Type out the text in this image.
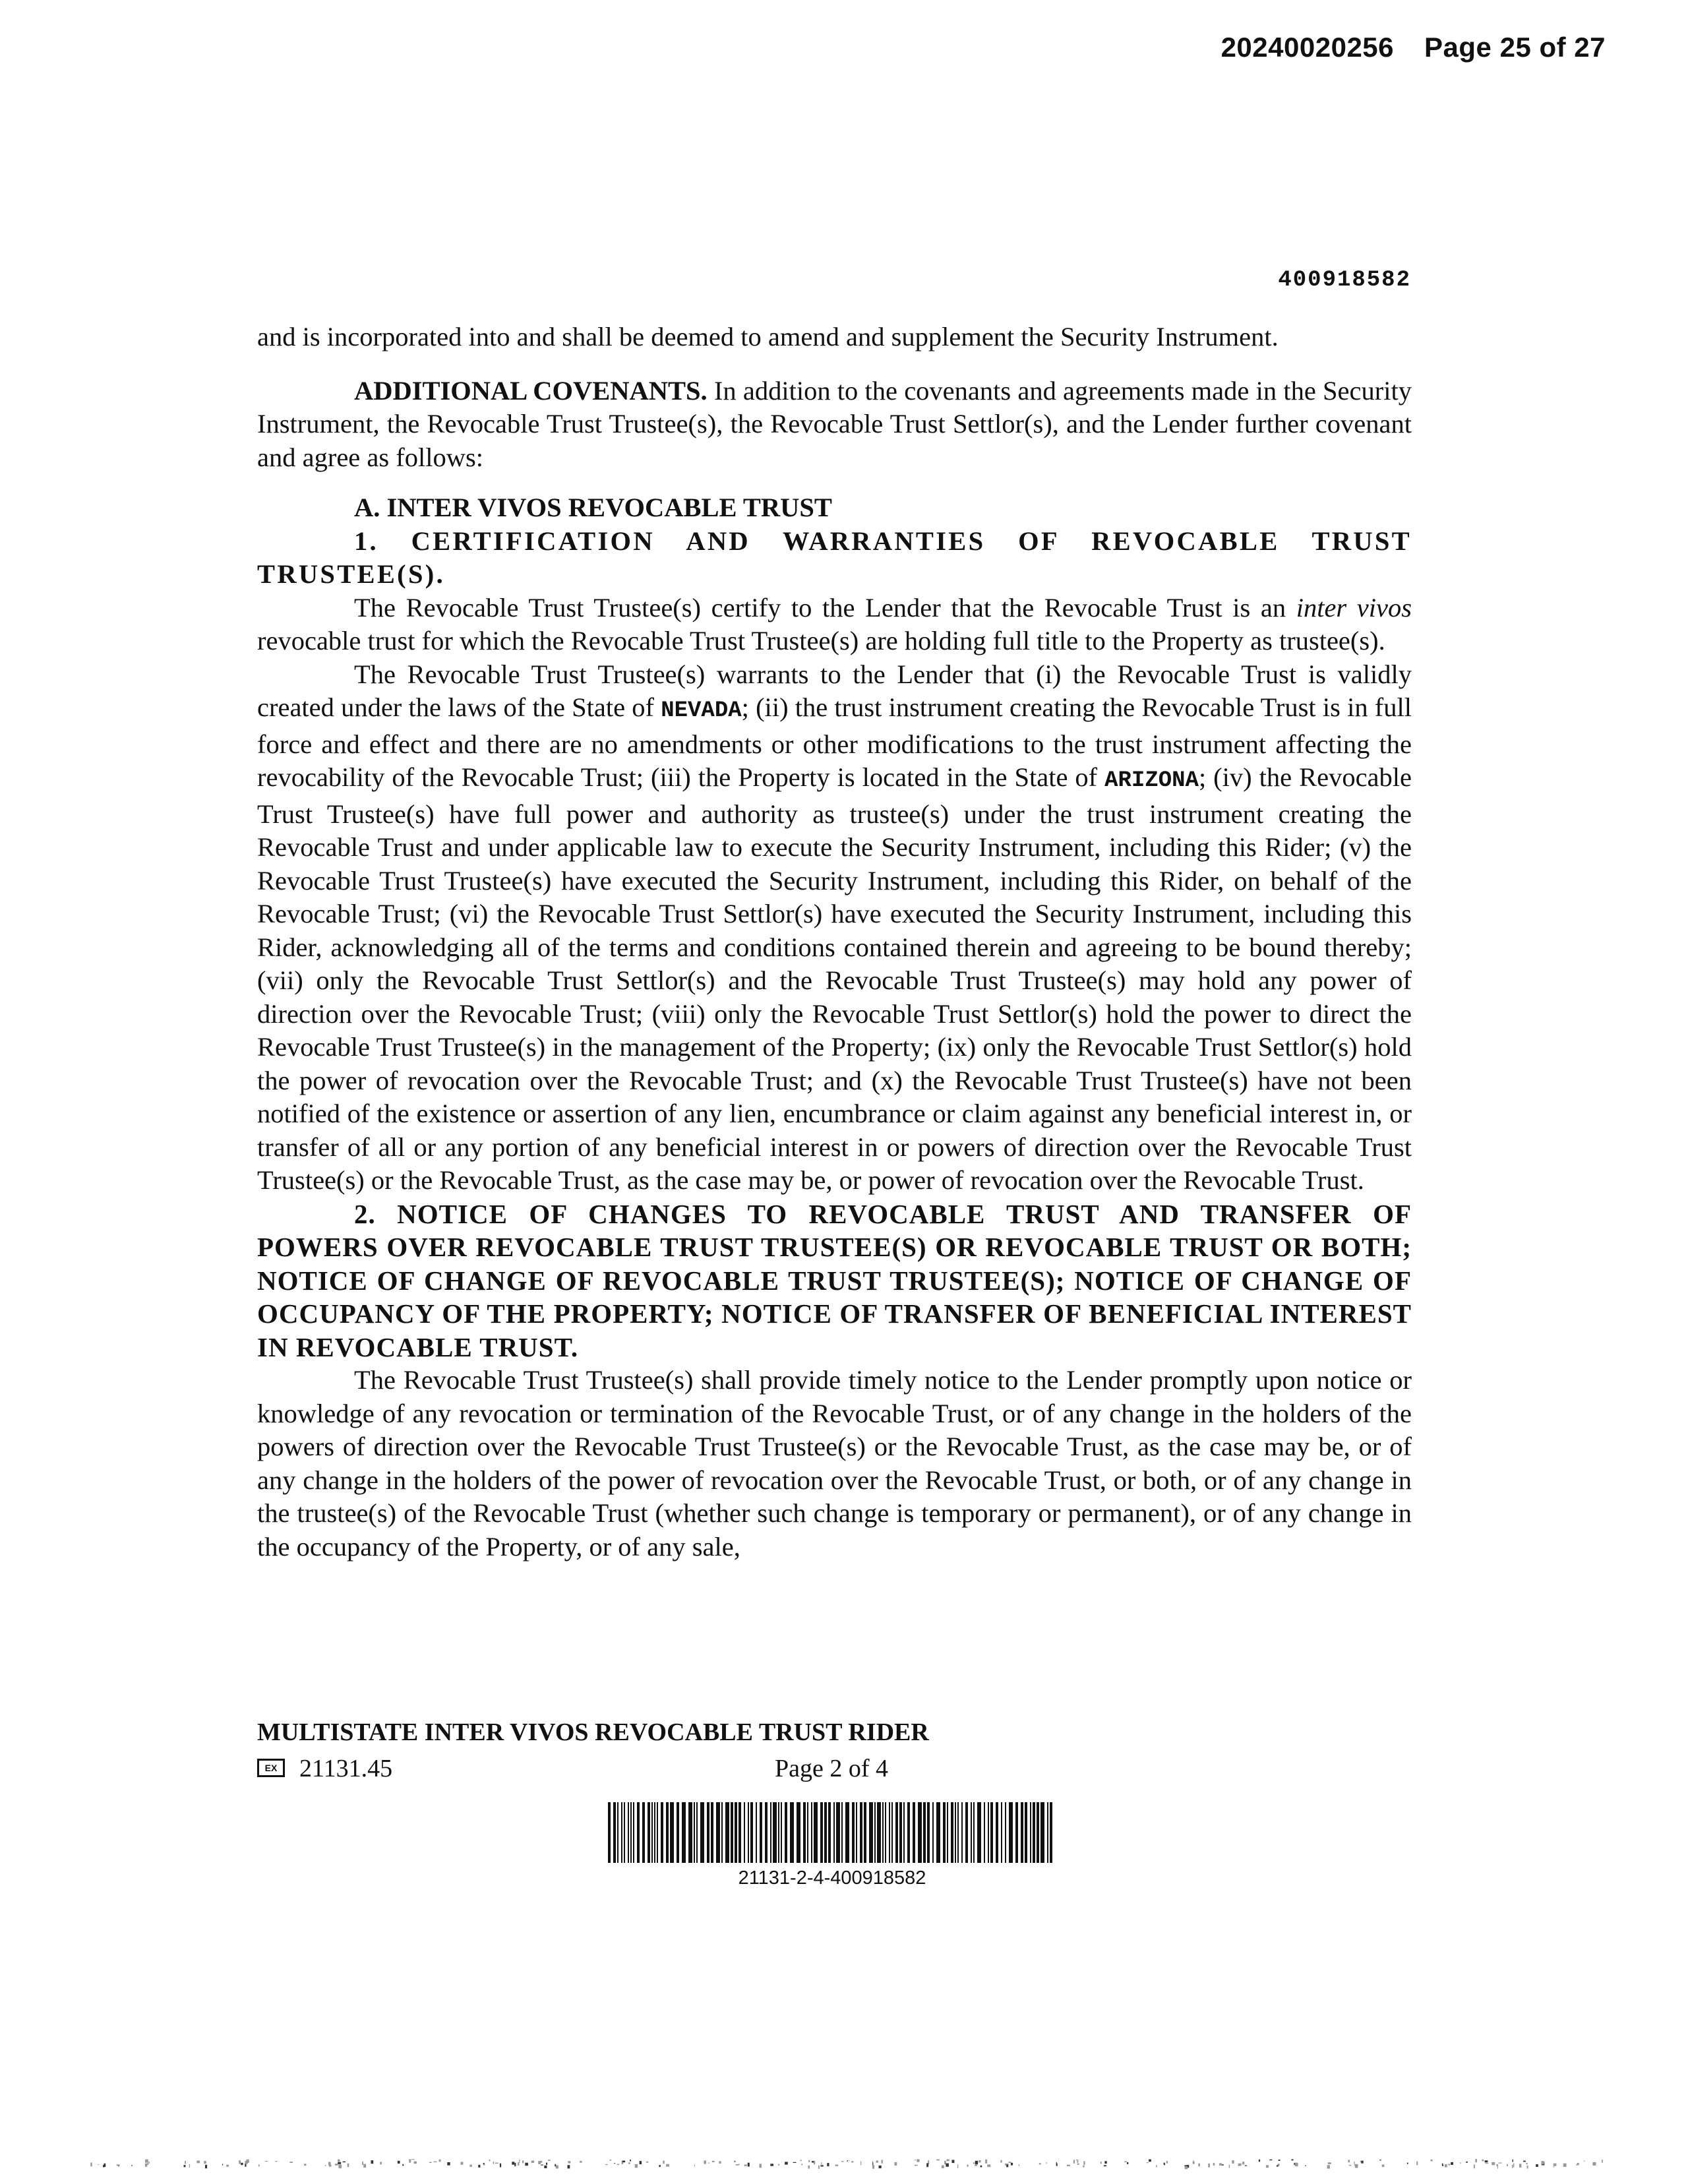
20240020256 Page 25 of 27
400918582

and is incorporated into and shall be deemed to amend and supplement the Security Instrument.

ADDITIONAL COVENANTS. In addition to the covenants and agreements made in the Security Instrument, the Revocable Trust Trustee(s), the Revocable Trust Settlor(s), and the Lender further covenant and agree as follows:

A. INTER VIVOS REVOCABLE TRUST

1. CERTIFICATION AND WARRANTIES OF REVOCABLE TRUST TRUSTEE(S).

The Revocable Trust Trustee(s) certify to the Lender that the Revocable Trust is an inter vivos revocable trust for which the Revocable Trust Trustee(s) are holding full title to the Property as trustee(s).

The Revocable Trust Trustee(s) warrants to the Lender that (i) the Revocable Trust is validly created under the laws of the State of NEVADA; (ii) the trust instrument creating the Revocable Trust is in full force and effect and there are no amendments or other modifications to the trust instrument affecting the revocability of the Revocable Trust; (iii) the Property is located in the State of ARIZONA; (iv) the Revocable Trust Trustee(s) have full power and authority as trustee(s) under the trust instrument creating the Revocable Trust and under applicable law to execute the Security Instrument, including this Rider; (v) the Revocable Trust Trustee(s) have executed the Security Instrument, including this Rider, on behalf of the Revocable Trust; (vi) the Revocable Trust Settlor(s) have executed the Security Instrument, including this Rider, acknowledging all of the terms and conditions contained therein and agreeing to be bound thereby; (vii) only the Revocable Trust Settlor(s) and the Revocable Trust Trustee(s) may hold any power of direction over the Revocable Trust; (viii) only the Revocable Trust Settlor(s) hold the power to direct the Revocable Trust Trustee(s) in the management of the Property; (ix) only the Revocable Trust Settlor(s) hold the power of revocation over the Revocable Trust; and (x) the Revocable Trust Trustee(s) have not been notified of the existence or assertion of any lien, encumbrance or claim against any beneficial interest in, or transfer of all or any portion of any beneficial interest in or powers of direction over the Revocable Trust Trustee(s) or the Revocable Trust, as the case may be, or power of revocation over the Revocable Trust.

2. NOTICE OF CHANGES TO REVOCABLE TRUST AND TRANSFER OF POWERS OVER REVOCABLE TRUST TRUSTEE(S) OR REVOCABLE TRUST OR BOTH; NOTICE OF CHANGE OF REVOCABLE TRUST TRUSTEE(S); NOTICE OF CHANGE OF OCCUPANCY OF THE PROPERTY; NOTICE OF TRANSFER OF BENEFICIAL INTEREST IN REVOCABLE TRUST.

The Revocable Trust Trustee(s) shall provide timely notice to the Lender promptly upon notice or knowledge of any revocation or termination of the Revocable Trust, or of any change in the holders of the powers of direction over the Revocable Trust Trustee(s) or the Revocable Trust, as the case may be, or of any change in the holders of the power of revocation over the Revocable Trust, or both, or of any change in the trustee(s) of the Revocable Trust (whether such change is temporary or permanent), or of any change in the occupancy of the Property, or of any sale,

MULTISTATE INTER VIVOS REVOCABLE TRUST RIDER
EX21131.45	Page 2 of 4
21131-2-4-400918582
